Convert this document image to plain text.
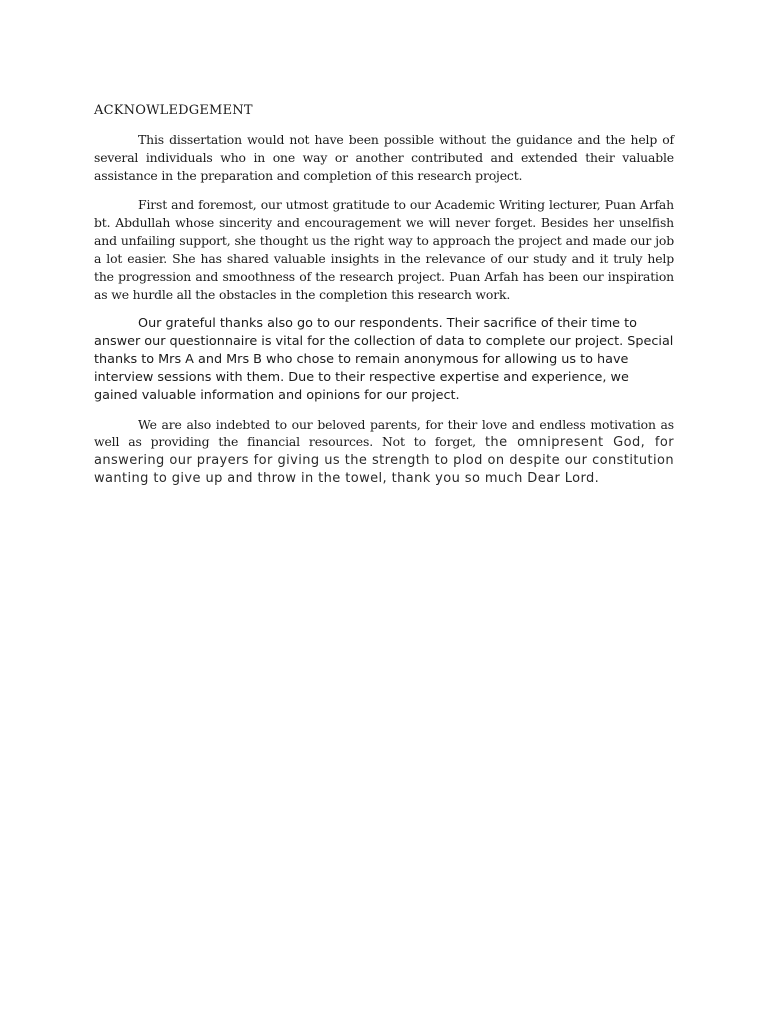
ACKNOWLEDGEMENT

This dissertation would not have been possible without the guidance and the help of several individuals who in one way or another contributed and extended their valuable assistance in the preparation and completion of this research project.

First and foremost, our utmost gratitude to our Academic Writing lecturer, Puan Arfah bt. Abdullah whose sincerity and encouragement we will never forget. Besides her unselfish and unfailing support, she thought us the right way to approach the project and made our job a lot easier. She has shared valuable insights in the relevance of our study and it truly help the progression and smoothness of the research project. Puan Arfah has been our inspiration as we hurdle all the obstacles in the completion this research work.

Our grateful thanks also go to our respondents. Their sacrifice of their time to answer our questionnaire is vital for the collection of data to complete our project. Special thanks to Mrs A and Mrs B who chose to remain anonymous for allowing us to have interview sessions with them. Due to their respective expertise and experience, we gained valuable information and opinions for our project.

We are also indebted to our beloved parents, for their love and endless motivation as well as providing the financial resources. Not to forget, the omnipresent God, for answering our prayers for giving us the strength to plod on despite our constitution wanting to give up and throw in the towel, thank you so much Dear Lord.
